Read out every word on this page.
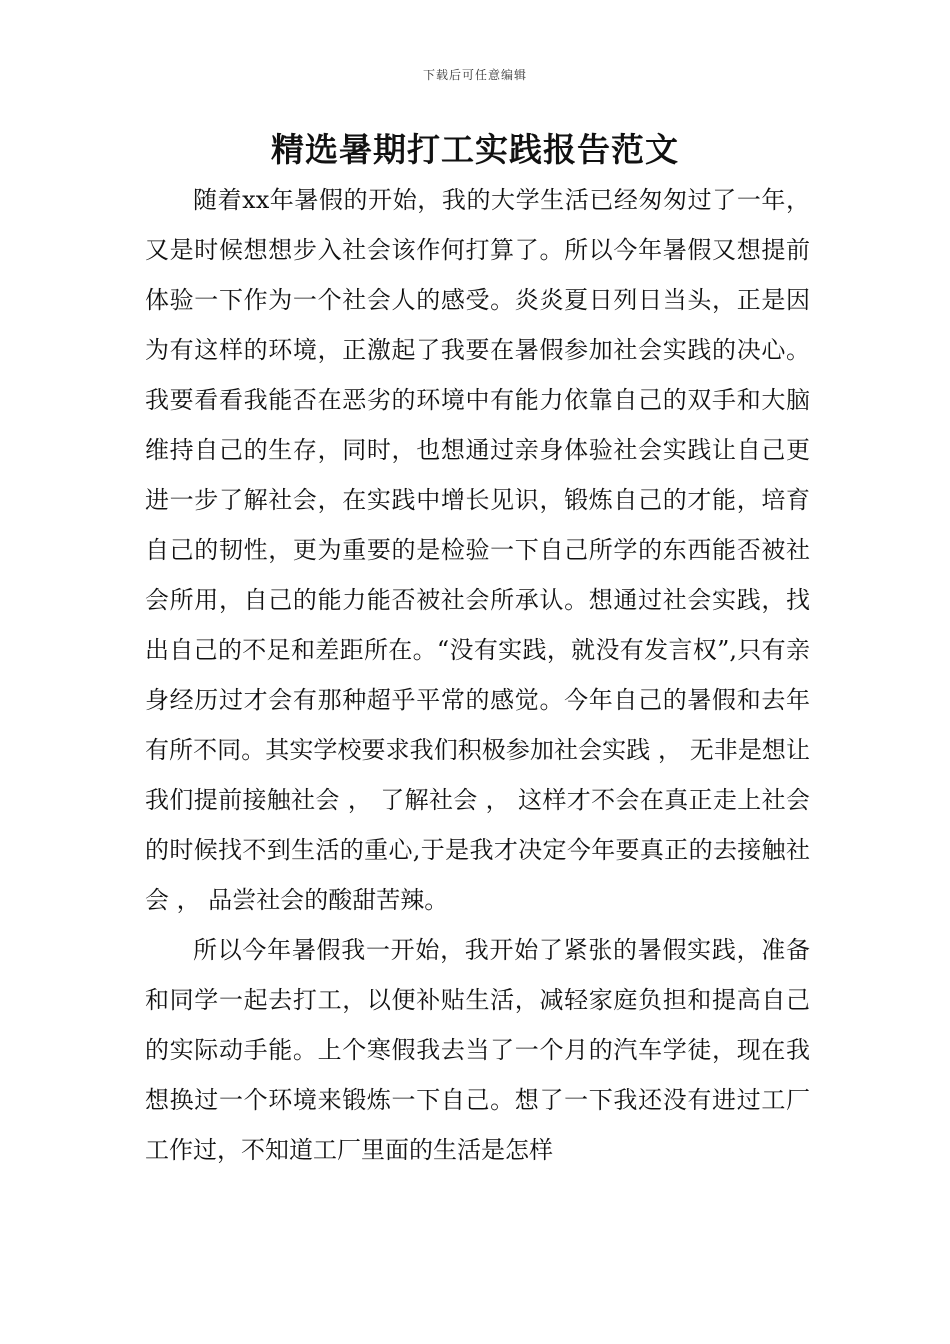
下载后可任意编辑
精选暑期打工实践报告范文

随着xx年暑假的开始，我的大学生活已经匆匆过了一年，又是时候想想步入社会该作何打算了。所以今年暑假又想提前体验一下作为一个社会人的感受。炎炎夏日列日当头，正是因为有这样的环境，正激起了我要在暑假参加社会实践的决心。我要看看我能否在恶劣的环境中有能力依靠自己的双手和大脑维持自己的生存，同时，也想通过亲身体验社会实践让自己更进一步了解社会，在实践中增长见识，锻炼自己的才能，培育自己的韧性，更为重要的是检验一下自己所学的东西能否被社会所用，自己的能力能否被社会所承认。想通过社会实践，找出自己的不足和差距所在。“没有实践，就没有发言权”,只有亲身经历过才会有那种超乎平常的感觉。今年自己的暑假和去年有所不同。其实学校要求我们积极参加社会实践 ， 无非是想让我们提前接触社会 ， 了解社会 ， 这样才不会在真正走上社会的时候找不到生活的重心,于是我才决定今年要真正的去接触社会 ， 品尝社会的酸甜苦辣。

所以今年暑假我一开始，我开始了紧张的暑假实践，准备和同学一起去打工，以便补贴生活，减轻家庭负担和提高自己的实际动手能。上个寒假我去当了一个月的汽车学徒，现在我想换过一个环境来锻炼一下自己。想了一下我还没有进过工厂工作过，不知道工厂里面的生活是怎样
